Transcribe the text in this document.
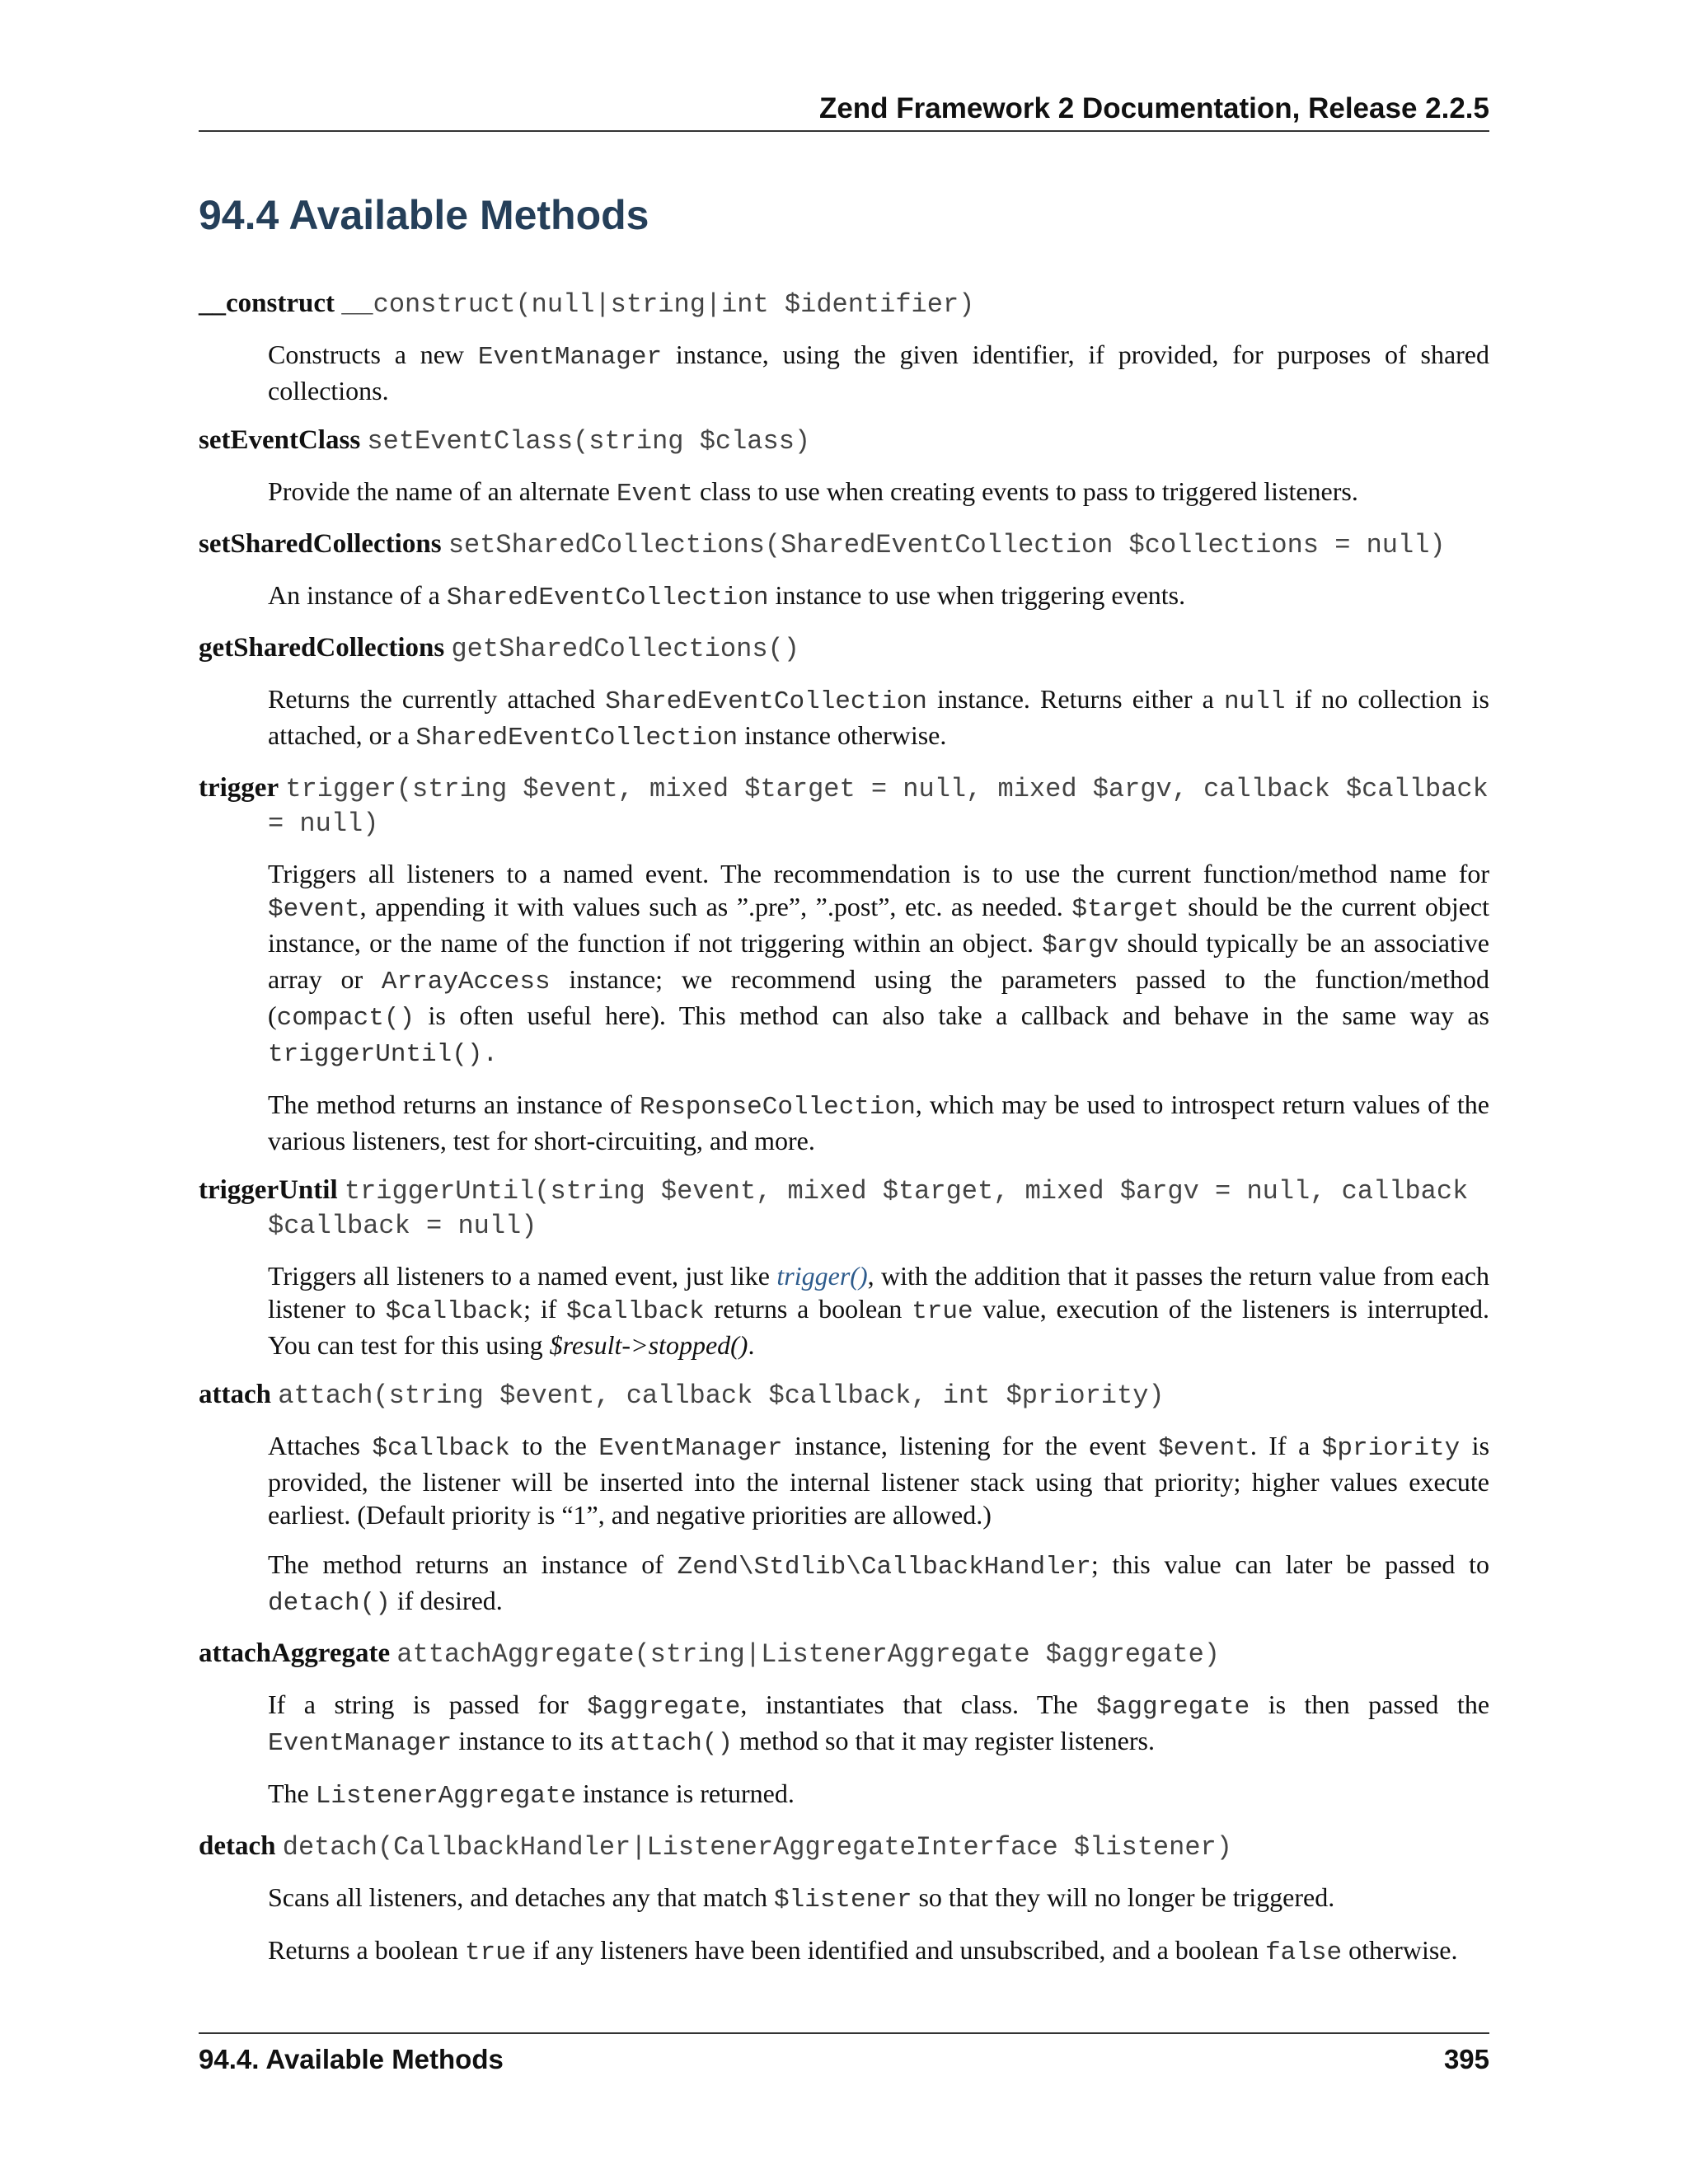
Zend Framework 2 Documentation, Release 2.2.5
94.4 Available Methods
__construct __construct(null|string|int $identifier)

Constructs a new EventManager instance, using the given identifier, if provided, for purposes of shared collections.

setEventClass setEventClass(string $class)

Provide the name of an alternate Event class to use when creating events to pass to triggered listeners.

setSharedCollections setSharedCollections(SharedEventCollection $collections = null)

An instance of a SharedEventCollection instance to use when triggering events.

getSharedCollections getSharedCollections()

Returns the currently attached SharedEventCollection instance. Returns either a null if no collection is attached, or a SharedEventCollection instance otherwise.

trigger trigger(string $event, mixed $target = null, mixed $argv, callback $callback = null)

Triggers all listeners to a named event. The recommendation is to use the current function/method name for $event, appending it with values such as ”.pre”, ”.post”, etc. as needed. $target should be the current object instance, or the name of the function if not triggering within an object. $argv should typically be an associative array or ArrayAccess instance; we recommend using the parameters passed to the function/method (compact() is often useful here). This method can also take a callback and behave in the same way as triggerUntil().

The method returns an instance of ResponseCollection, which may be used to introspect return values of the various listeners, test for short-circuiting, and more.

triggerUntil triggerUntil(string $event, mixed $target, mixed $argv = null, callback $callback = null)

Triggers all listeners to a named event, just like trigger(), with the addition that it passes the return value from each listener to $callback; if $callback returns a boolean true value, execution of the listeners is interrupted. You can test for this using $result->stopped().

attach attach(string $event, callback $callback, int $priority)

Attaches $callback to the EventManager instance, listening for the event $event. If a $priority is provided, the listener will be inserted into the internal listener stack using that priority; higher values execute earliest. (Default priority is “1”, and negative priorities are allowed.)

The method returns an instance of Zend\Stdlib\CallbackHandler; this value can later be passed to detach() if desired.

attachAggregate attachAggregate(string|ListenerAggregate $aggregate)

If a string is passed for $aggregate, instantiates that class. The $aggregate is then passed the EventManager instance to its attach() method so that it may register listeners.

The ListenerAggregate instance is returned.

detach detach(CallbackHandler|ListenerAggregateInterface $listener)

Scans all listeners, and detaches any that match $listener so that they will no longer be triggered.

Returns a boolean true if any listeners have been identified and unsubscribed, and a boolean false otherwise.

94.4. Available Methods	395
